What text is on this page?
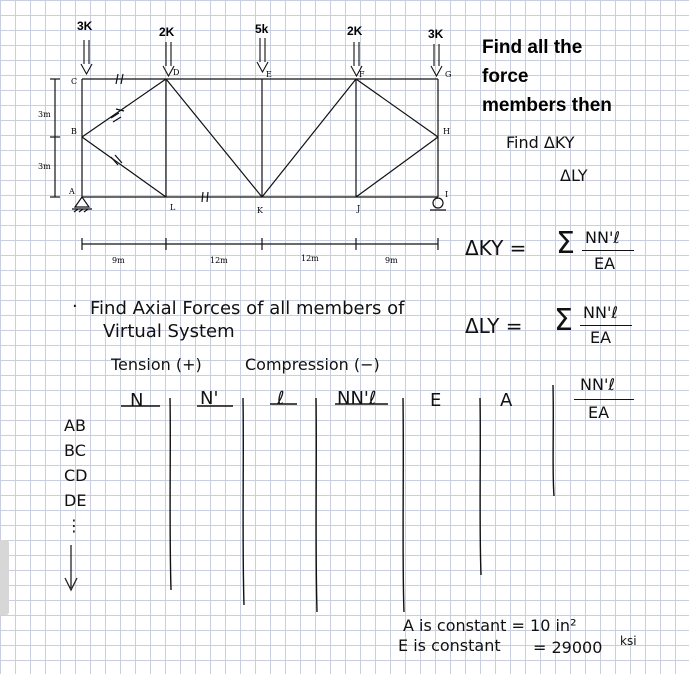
3K	2K	5k	2K	3K
C
B
A
D	E	F	G
H
I
L	K	J
3m
3m
9m	12m	12m	9m
Find all the
force
members then
Find ΔKY
ΔLY
ΔKY = Σ NN'ℓ
EA
ΔLY = Σ NN'ℓ
EA
· Find Axial Forces of all members of
Virtual System
Tension (+)	Compression (−)
N	N'	ℓ	NN'ℓ	E	A
NN'ℓ
EA
AB
BC
CD
DE
⋮
A is constant = 10 in²
E is constant = 29000 ksi
